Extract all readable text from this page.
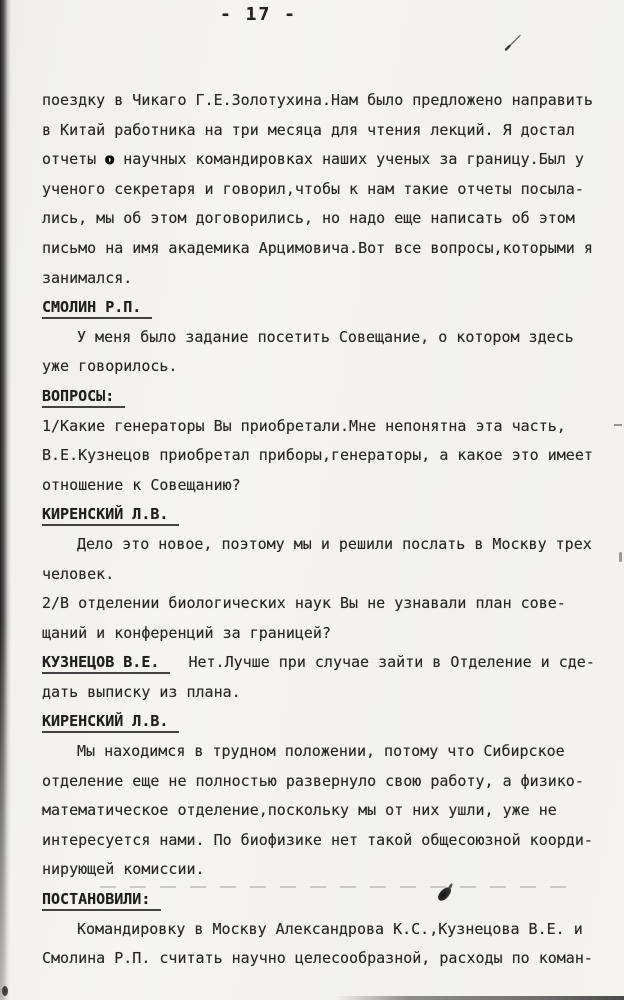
- 17 -
поездку в Чикаго Г.Е.Золотухина.Нам было предложено направить
в Китай работника на три месяца для чтения лекций. Я достал
отчеты о научных командировках наших ученых за границу.Был у
ученого секретаря и говорил,чтобы к нам такие отчеты посыла-
лись, мы об этом договорились, но надо еще написать об этом
письмо на имя академика Арцимовича.Вот все вопросы,которыми я
занимался.
СМОЛИН Р.П.
У меня было задание посетить Совещание, о котором здесь
уже говорилось.
ВОПРОСЫ:
1/Какие генераторы Вы приобретали.Мне непонятна эта часть,
В.Е.Кузнецов приобретал приборы,генераторы, а какое это имеет
отношение к Совещанию?
КИРЕНСКИЙ Л.В.
Дело это новое, поэтому мы и решили послать в Москву трех
человек.
2/В отделении биологических наук Вы не узнавали план сове-
щаний и конференций за границей?
КУЗНЕЦОВ В.Е.  Нет.Лучше при случае зайти в Отделение и сде-
дать выписку из плана.
КИРЕНСКИЙ Л.В.
Мы находимся в трудном положении, потому что Сибирское
отделение еще не полностью развернуло свою работу, а физико-
математическое отделение,поскольку мы от них ушли, уже не
интересуется нами. По биофизике нет такой общесоюзной коорди-
нирующей комиссии.
ПОСТАНОВИЛИ:
Командировку в Москву Александрова К.С.,Кузнецова В.Е. и
Смолина Р.П. считать научно целесообразной, расходы по коман-
